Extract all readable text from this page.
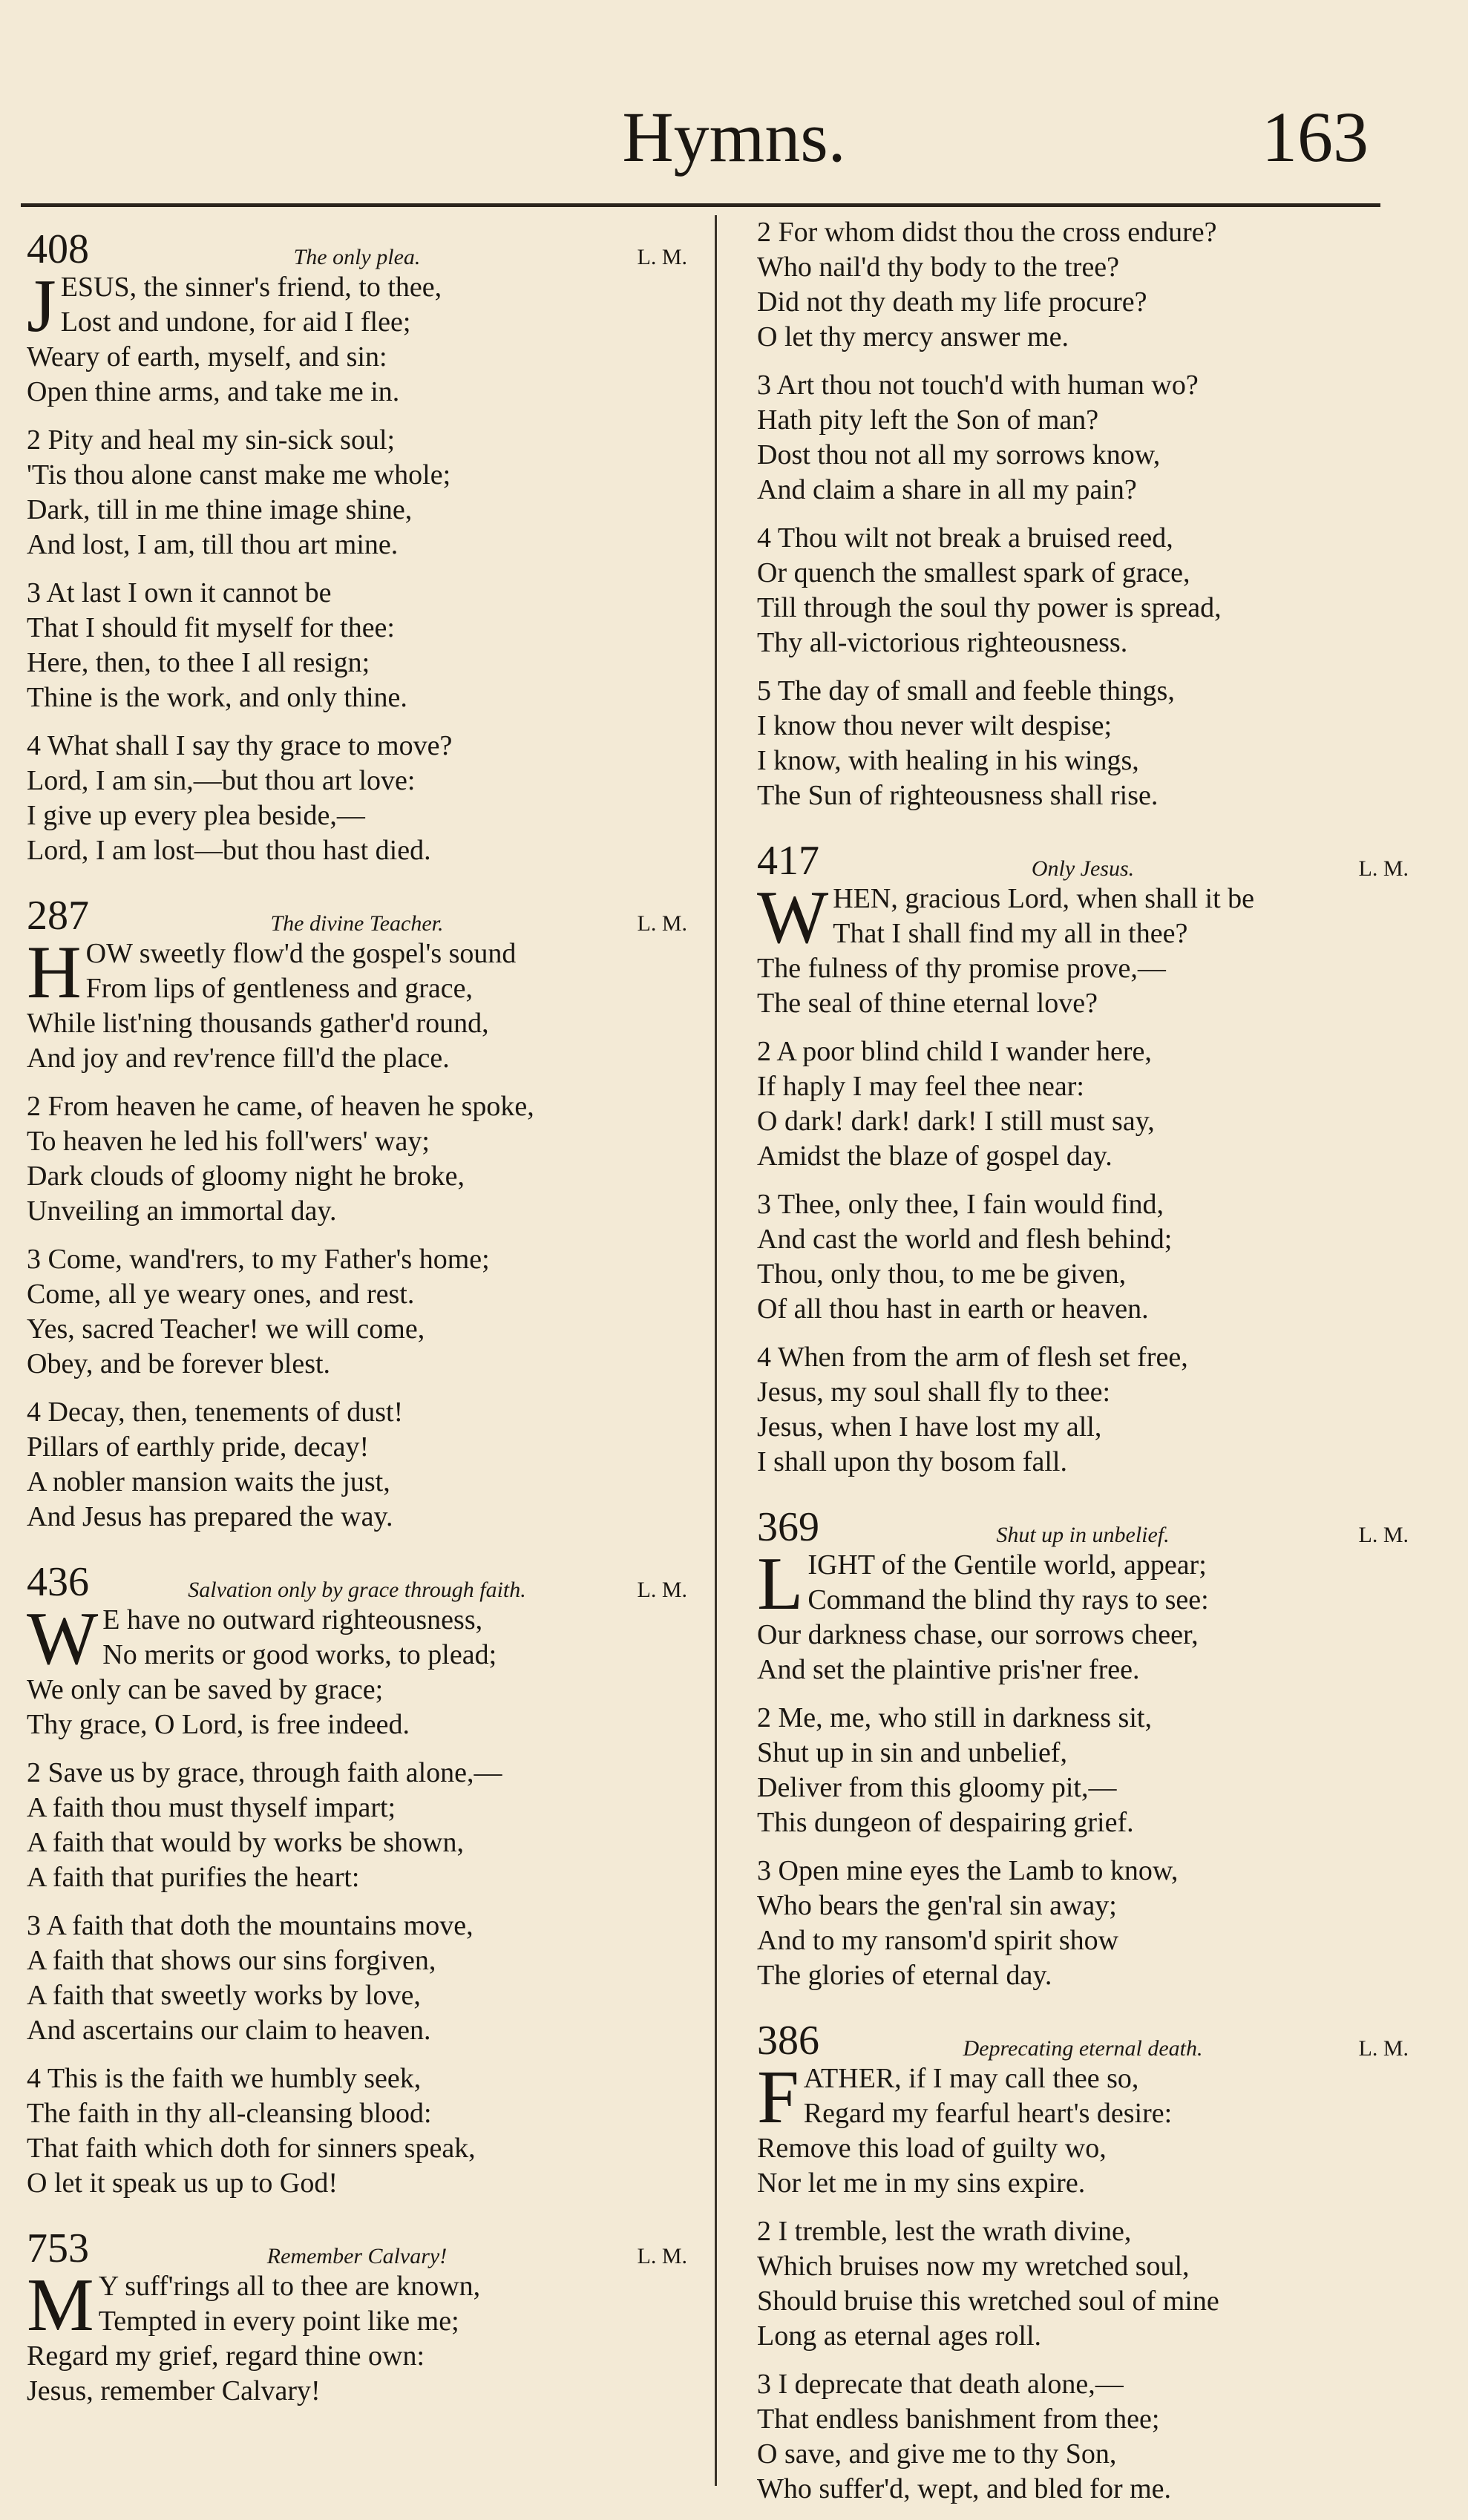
Hymns.	163
408	The only plea.	L. M.
J ESUS, the sinner's friend, to thee,
Lost and undone, for aid I flee;
Weary of earth, myself, and sin:
Open thine arms, and take me in.
2 Pity and heal my sin-sick soul;
'Tis thou alone canst make me whole;
Dark, till in me thine image shine,
And lost, I am, till thou art mine.
3 At last I own it cannot be
That I should fit myself for thee:
Here, then, to thee I all resign;
Thine is the work, and only thine.
4 What shall I say thy grace to move?
Lord, I am sin,—but thou art love:
I give up every plea beside,—
Lord, I am lost—but thou hast died.
287	The divine Teacher.	L. M.
H OW sweetly flow'd the gospel's sound
From lips of gentleness and grace,
While list'ning thousands gather'd round,
And joy and rev'rence fill'd the place.
2 From heaven he came, of heaven he spoke,
To heaven he led his foll'wers' way;
Dark clouds of gloomy night he broke,
Unveiling an immortal day.
3 Come, wand'rers, to my Father's home;
Come, all ye weary ones, and rest.
Yes, sacred Teacher! we will come,
Obey, and be forever blest.
4 Decay, then, tenements of dust!
Pillars of earthly pride, decay!
A nobler mansion waits the just,
And Jesus has prepared the way.
436	Salvation only by grace through faith.	L. M.
W E have no outward righteousness,
No merits or good works, to plead;
We only can be saved by grace;
Thy grace, O Lord, is free indeed.
2 Save us by grace, through faith alone,—
A faith thou must thyself impart;
A faith that would by works be shown,
A faith that purifies the heart:
3 A faith that doth the mountains move,
A faith that shows our sins forgiven,
A faith that sweetly works by love,
And ascertains our claim to heaven.
4 This is the faith we humbly seek,
The faith in thy all-cleansing blood:
That faith which doth for sinners speak,
O let it speak us up to God!
753	Remember Calvary!	L. M.
M Y suff'rings all to thee are known,
Tempted in every point like me;
Regard my grief, regard thine own:
Jesus, remember Calvary!
2 For whom didst thou the cross endure?
Who nail'd thy body to the tree?
Did not thy death my life procure?
O let thy mercy answer me.
3 Art thou not touch'd with human wo?
Hath pity left the Son of man?
Dost thou not all my sorrows know,
And claim a share in all my pain?
4 Thou wilt not break a bruised reed,
Or quench the smallest spark of grace,
Till through the soul thy power is spread,
Thy all-victorious righteousness.
5 The day of small and feeble things,
I know thou never wilt despise;
I know, with healing in his wings,
The Sun of righteousness shall rise.
417	Only Jesus.	L. M.
W HEN, gracious Lord, when shall it be
That I shall find my all in thee?
The fulness of thy promise prove,—
The seal of thine eternal love?
2 A poor blind child I wander here,
If haply I may feel thee near:
O dark! dark! dark! I still must say,
Amidst the blaze of gospel day.
3 Thee, only thee, I fain would find,
And cast the world and flesh behind;
Thou, only thou, to me be given,
Of all thou hast in earth or heaven.
4 When from the arm of flesh set free,
Jesus, my soul shall fly to thee:
Jesus, when I have lost my all,
I shall upon thy bosom fall.
369	Shut up in unbelief.	L. M.
L IGHT of the Gentile world, appear;
Command the blind thy rays to see:
Our darkness chase, our sorrows cheer,
And set the plaintive pris'ner free.
2 Me, me, who still in darkness sit,
Shut up in sin and unbelief,
Deliver from this gloomy pit,—
This dungeon of despairing grief.
3 Open mine eyes the Lamb to know,
Who bears the gen'ral sin away;
And to my ransom'd spirit show
The glories of eternal day.
386	Deprecating eternal death.	L. M.
F ATHER, if I may call thee so,
Regard my fearful heart's desire:
Remove this load of guilty wo,
Nor let me in my sins expire.
2 I tremble, lest the wrath divine,
Which bruises now my wretched soul,
Should bruise this wretched soul of mine
Long as eternal ages roll.
3 I deprecate that death alone,—
That endless banishment from thee;
O save, and give me to thy Son,
Who suffer'd, wept, and bled for me.
